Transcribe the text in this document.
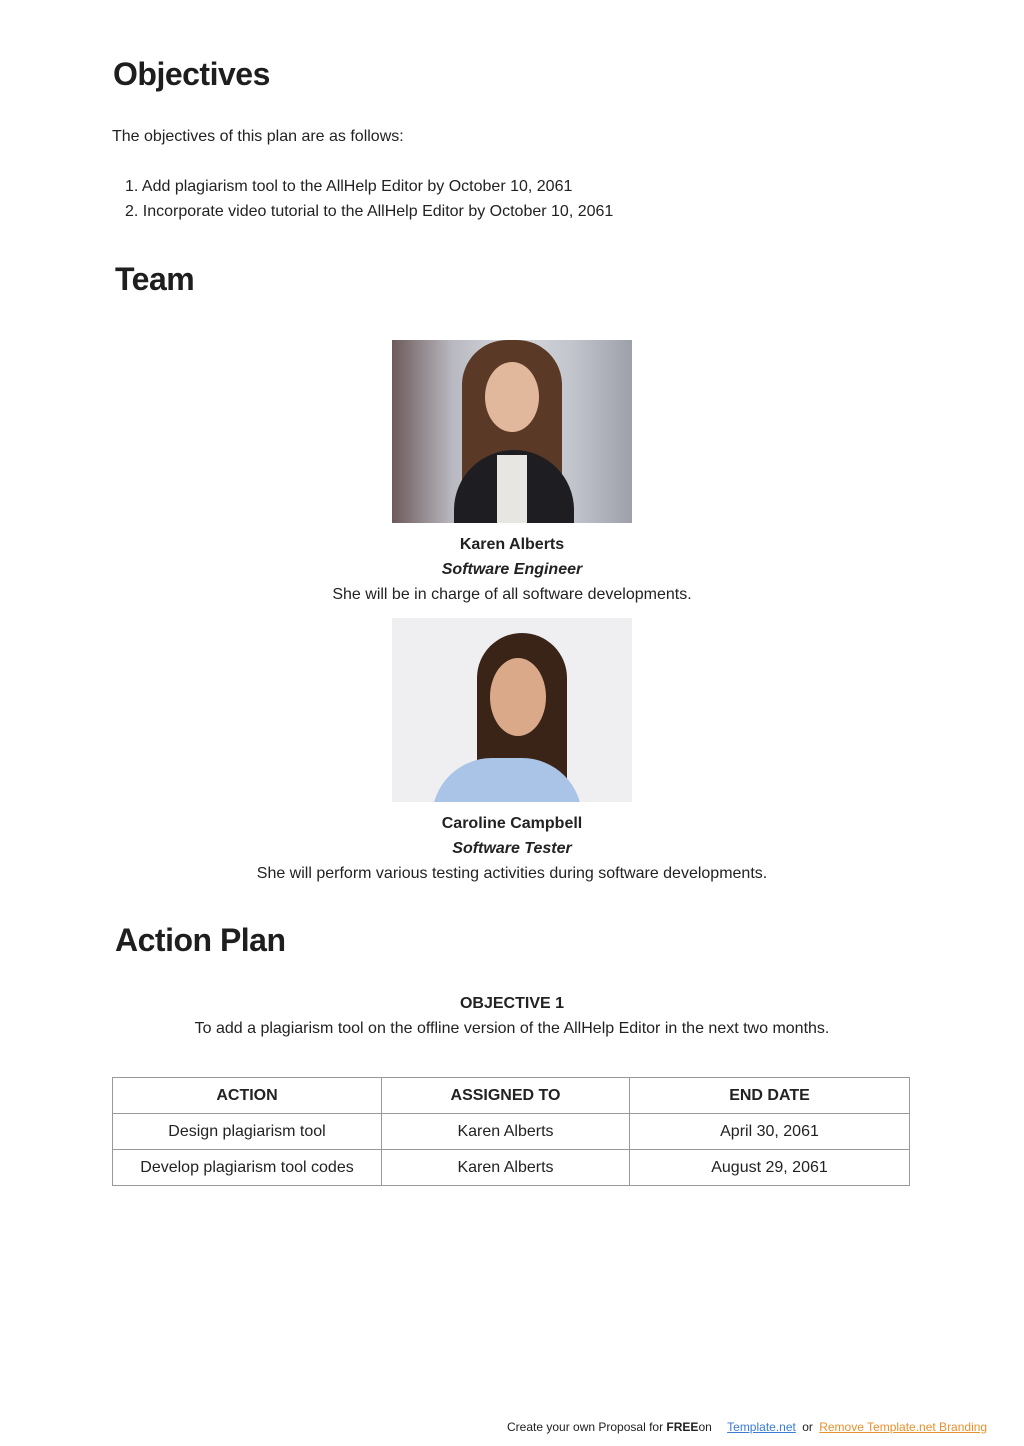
Objectives
The objectives of this plan are as follows:
1. Add plagiarism tool to the AllHelp Editor by October 10, 2061
2. Incorporate video tutorial to the AllHelp Editor by October 10, 2061
Team
Karen Alberts
Software Engineer
She will be in charge of all software developments.
Caroline Campbell
Software Tester
She will perform various testing activities during software developments.
Action Plan
OBJECTIVE 1
To add a plagiarism tool on the offline version of the AllHelp Editor in the next two months.
ACTION	ASSIGNED TO	END DATE
Design plagiarism tool	Karen Alberts	April 30, 2061
Develop plagiarism tool codes	Karen Alberts	August 29, 2061
Create your own Proposal for FREEon Template.net or Remove Template.net Branding
